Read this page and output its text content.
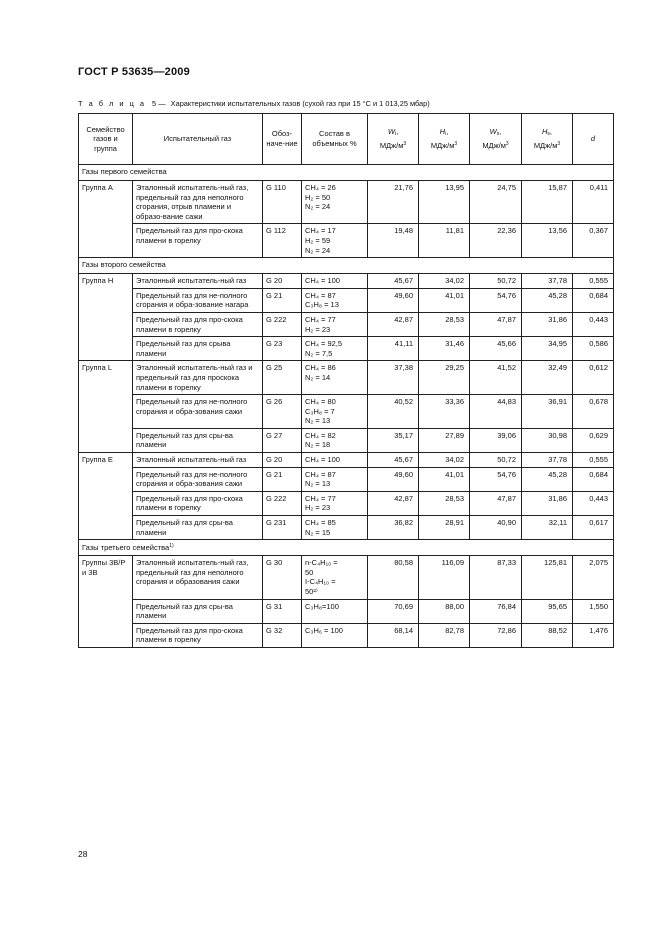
ГОСТ Р 53635—2009
Т а б л и ц а 5 — Характеристики испытательных газов (сухой газ при 15 °С и 1 013,25 мбар)
Семейство газов и группа	Испытательный газ	Обоз-наче-ние	Состав в объемных %	$W_i$,
МДж/$м^3$	$H_i$,
МДж/$м^3$	$W_s$,
МДж/$м^3$	$H_s$,
МДж/$м^3$	d
Газы первого семейства								
Группа А	Эталонный испытатель-ный газ, предельный газ для неполного сгорания, отрыв пламени и образо-вание сажи	G 110	CH₄ = 26
H₂ = 50
N₂ = 24	21,76	13,95	24,75	15,87	0,411
	Предельный газ для про-скока пламени в горелку	G 112	CH₄ = 17
H₂ = 59
N₂ = 24	19,48	11,81	22,36	13,56	0,367
Газы второго семейства								
Группа Н	Эталонный испытатель-ный газ	G 20	CH₄ = 100	45,67	34,02	50,72	37,78	0,555
	Предельный газ для не-полного сгорания и обра-зование нагара	G 21	CH₄ = 87
C₃H₈ = 13	49,60	41,01	54,76	45,28	0,684
	Предельный газ для про-скока пламени в горелку	G 222	CH₄ = 77
H₂ = 23	42,87	28,53	47,87	31,86	0,443
	Предельный газ для срыва пламени	G 23	CH₄ = 92,5
N₂ = 7,5	41,11	31,46	45,66	34,95	0,586
Группа L	Эталонный испытатель-ный газ и предельный газ для проскока пламени в горелку	G 25	CH₄ = 86
N₂ = 14	37,38	29,25	41,52	32,49	0,612
	Предельный газ для не-полного сгорания и обра-зования сажи	G 26	CH₄ = 80
C₃H₈ = 7
N₂ = 13	40,52	33,36	44,83	36,91	0,678
	Предельный газ для сры-ва пламени	G 27	CH₄ = 82
N₂ = 18	35,17	27,89	39,06	30,98	0,629
Группа Е	Эталонный испытатель-ный газ	G 20	CH₄ = 100	45,67	34,02	50,72	37,78	0,555
	Предельный газ для не-полного сгорания и обра-зования сажи	G 21	CH₄ = 87
N₂ = 13	49,60	41,01	54,76	45,28	0,684
	Предельный газ для про-скока пламени в горелку	G 222	CH₄ = 77
H₂ = 23	42,87	28,53	47,87	31,86	0,443
	Предельный газ для сры-ва пламени	G 231	CH₄ = 85
N₂ = 15	36,82	28,91	40,90	32,11	0,617
Газы третьего семейства$^{1)}$
Группы 3В/Р и 3В	Эталонный испытатель-ный газ, предельный газ для неполного сгорания и образования сажи	G 30	n-C₄H₁₀ =
50
I-C₄H₁₀ =
50²⁾	80,58	116,09	87,33	125,81	2,075
	Предельный газ для сры-ва пламени	G 31	C₃H₈=100	70,69	88,00	76,84	95,65	1,550
	Предельный газ для про-скока пламени в горелку	G 32	C₃H₆ = 100	68,14	82,78	72,86	88,52	1,476
28
